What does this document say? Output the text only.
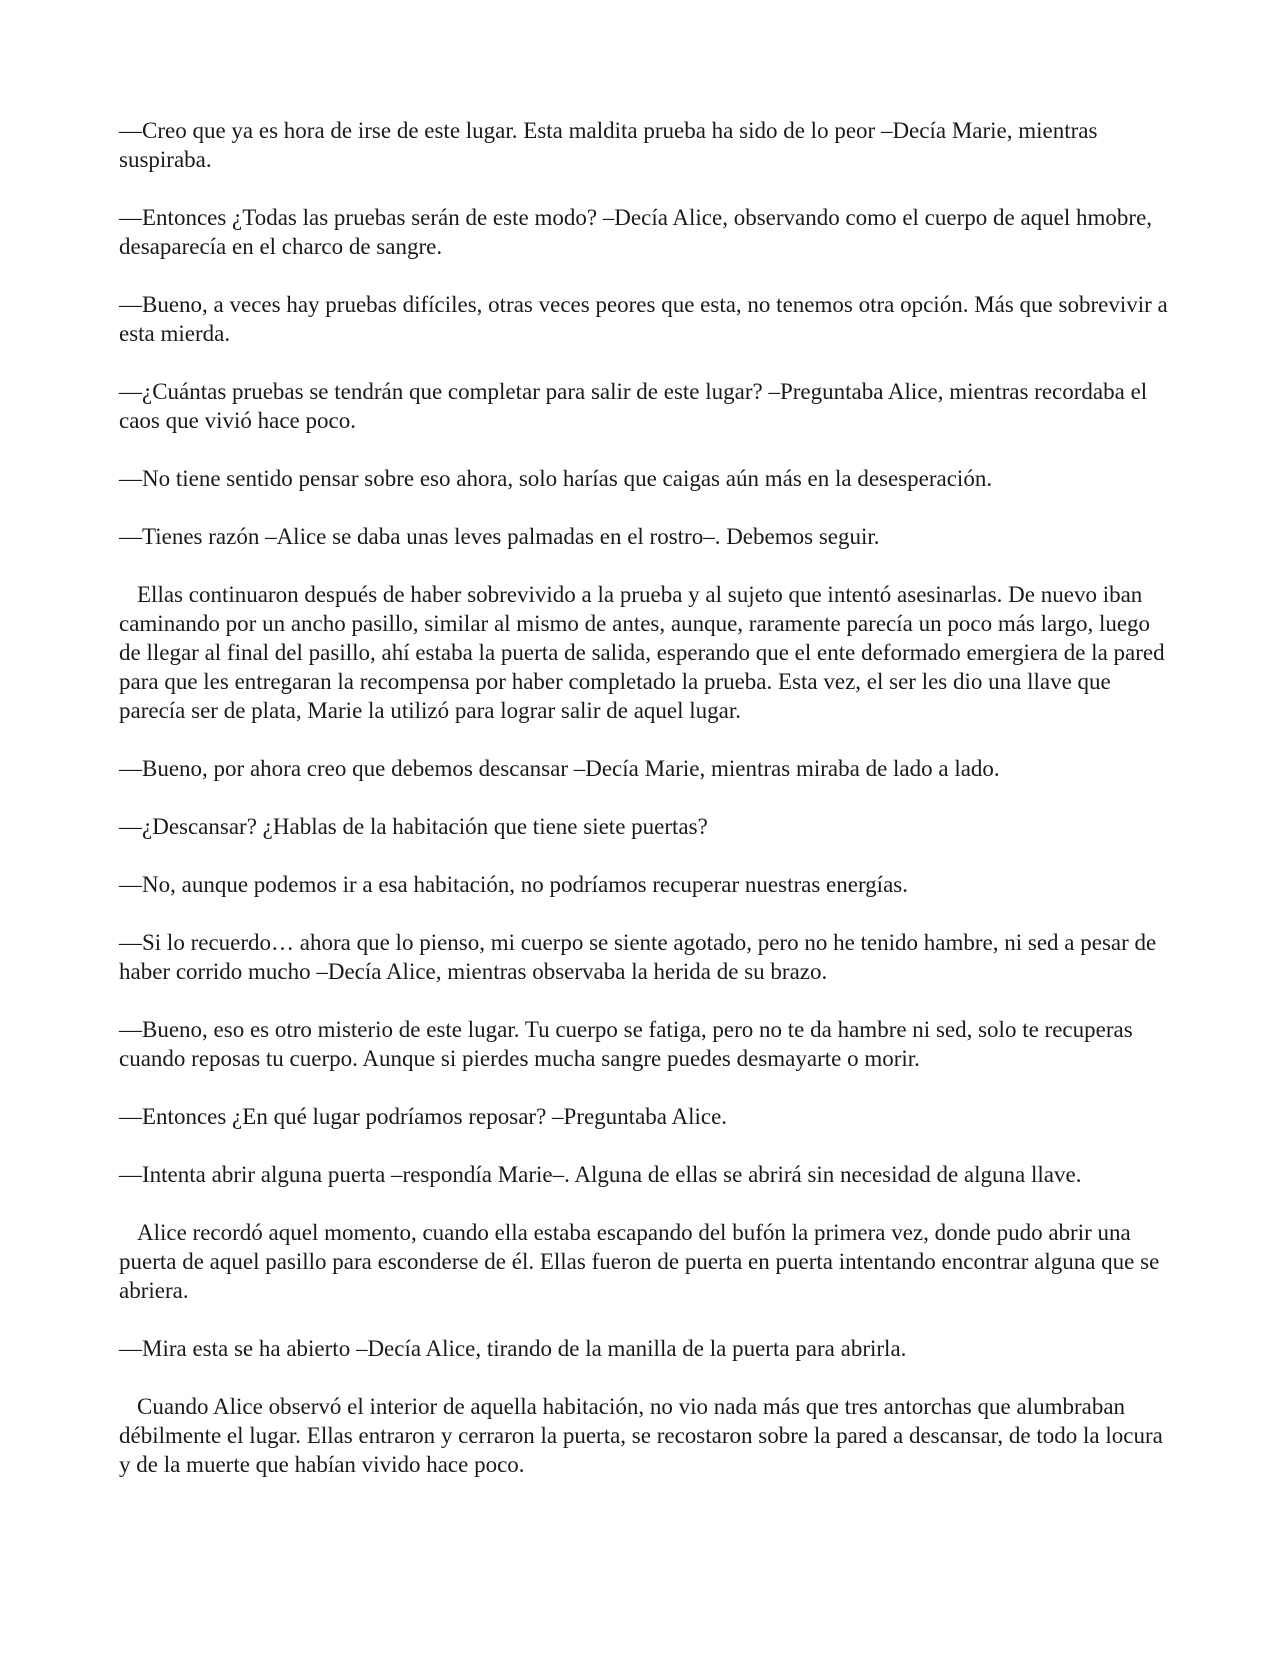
—Creo que ya es hora de irse de este lugar. Esta maldita prueba ha sido de lo peor –Decía Marie, mientras suspiraba.

—Entonces ¿Todas las pruebas serán de este modo? –Decía Alice, observando como el cuerpo de aquel hmobre, desaparecía en el charco de sangre.

—Bueno, a veces hay pruebas difíciles, otras veces peores que esta, no tenemos otra opción. Más que sobrevivir a esta mierda.

—¿Cuántas pruebas se tendrán que completar para salir de este lugar? –Preguntaba Alice, mientras recordaba el caos que vivió hace poco.

—No tiene sentido pensar sobre eso ahora, solo harías que caigas aún más en la desesperación.

—Tienes razón –Alice se daba unas leves palmadas en el rostro–. Debemos seguir.

Ellas continuaron después de haber sobrevivido a la prueba y al sujeto que intentó asesinarlas. De nuevo iban caminando por un ancho pasillo, similar al mismo de antes, aunque, raramente parecía un poco más largo, luego de llegar al final del pasillo, ahí estaba la puerta de salida, esperando que el ente deformado emergiera de la pared para que les entregaran la recompensa por haber completado la prueba. Esta vez, el ser les dio una llave que parecía ser de plata, Marie la utilizó para lograr salir de aquel lugar.

—Bueno, por ahora creo que debemos descansar –Decía Marie, mientras miraba de lado a lado.

—¿Descansar? ¿Hablas de la habitación que tiene siete puertas?

—No, aunque podemos ir a esa habitación, no podríamos recuperar nuestras energías.

—Si lo recuerdo… ahora que lo pienso, mi cuerpo se siente agotado, pero no he tenido hambre, ni sed a pesar de haber corrido mucho –Decía Alice, mientras observaba la herida de su brazo.

—Bueno, eso es otro misterio de este lugar. Tu cuerpo se fatiga, pero no te da hambre ni sed, solo te recuperas cuando reposas tu cuerpo. Aunque si pierdes mucha sangre puedes desmayarte o morir.

—Entonces ¿En qué lugar podríamos reposar? –Preguntaba Alice.

—Intenta abrir alguna puerta –respondía Marie–. Alguna de ellas se abrirá sin necesidad de alguna llave.

Alice recordó aquel momento, cuando ella estaba escapando del bufón la primera vez, donde pudo abrir una puerta de aquel pasillo para esconderse de él. Ellas fueron de puerta en puerta intentando encontrar alguna que se abriera.

—Mira esta se ha abierto –Decía Alice, tirando de la manilla de la puerta para abrirla.

Cuando Alice observó el interior de aquella habitación, no vio nada más que tres antorchas que alumbraban débilmente el lugar. Ellas entraron y cerraron la puerta, se recostaron sobre la pared a descansar, de todo la locura y de la muerte que habían vivido hace poco.
